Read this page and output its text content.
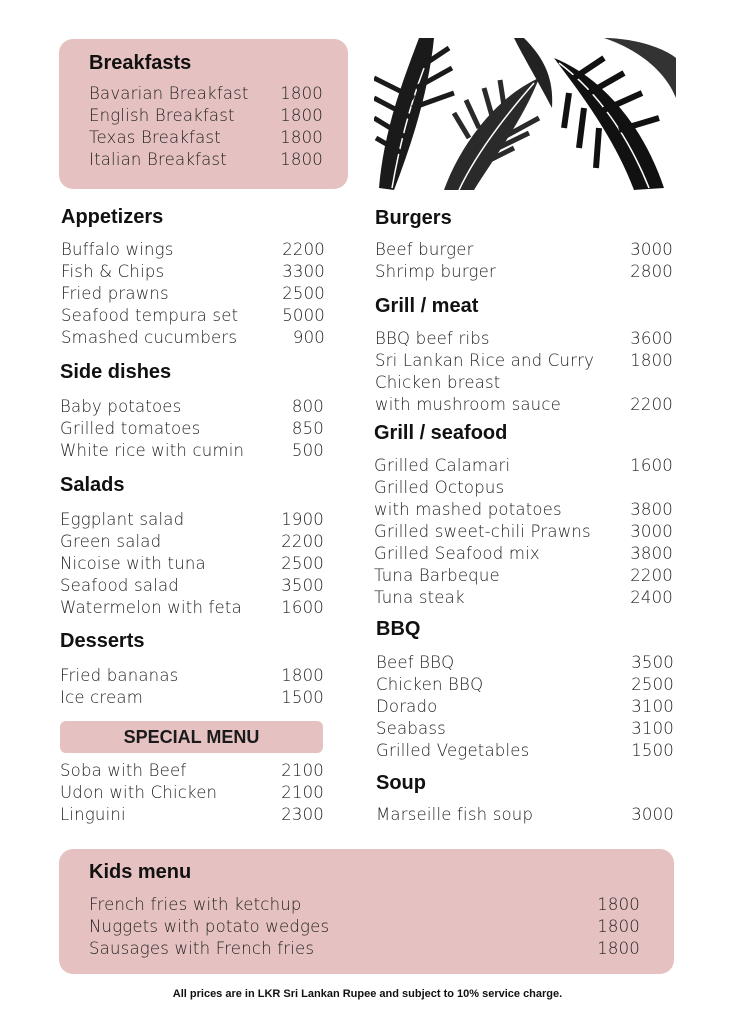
Breakfasts
Bavarian Breakfast 1800
English Breakfast	1800
Texas Breakfast	1800
Italian Breakfast	1800
Appetizers
Buffalo wings	2200
Fish & Chips	3300
Fried prawns	2500
Seafood tempura set	5000
Smashed cucumbers	900
Side dishes
Baby potatoes	800
Grilled tomatoes	850
White rice with cumin	500
Salads
Eggplant salad	1900
Green salad	2200
Nicoise with tuna	2500
Seafood salad	3500
Watermelon with feta 1600
Desserts
Fried bananas	1800
Ice cream	1500
SPECIAL MENU
Soba with Beef	2100
Udon with Chicken	2100
Linguini	2300
Burgers
Beef burger	3000
Shrimp burger	2800
Grill / meat
BBQ beef ribs	3600
Sri Lankan Rice and Curry 1800
Chicken breast
with mushroom sauce	2200
Grill / seafood
Grilled Calamari	1600
Grilled Octopus
with mashed potatoes	3800
Grilled sweet-chili Prawns 3000
Grilled Seafood mix	3800
Tuna Barbeque	2200
Tuna steak	2400
BBQ
Beef BBQ	3500
Chicken BBQ	2500
Dorado	3100
Seabass	3100
Grilled Vegetables	1500
Soup
Marseille fish soup	3000
Kids menu
French fries with ketchup	1800
Nuggets with potato wedges	1800
Sausages with French fries	1800
All prices are in LKR Sri Lankan Rupee and subject to 10% service charge.
